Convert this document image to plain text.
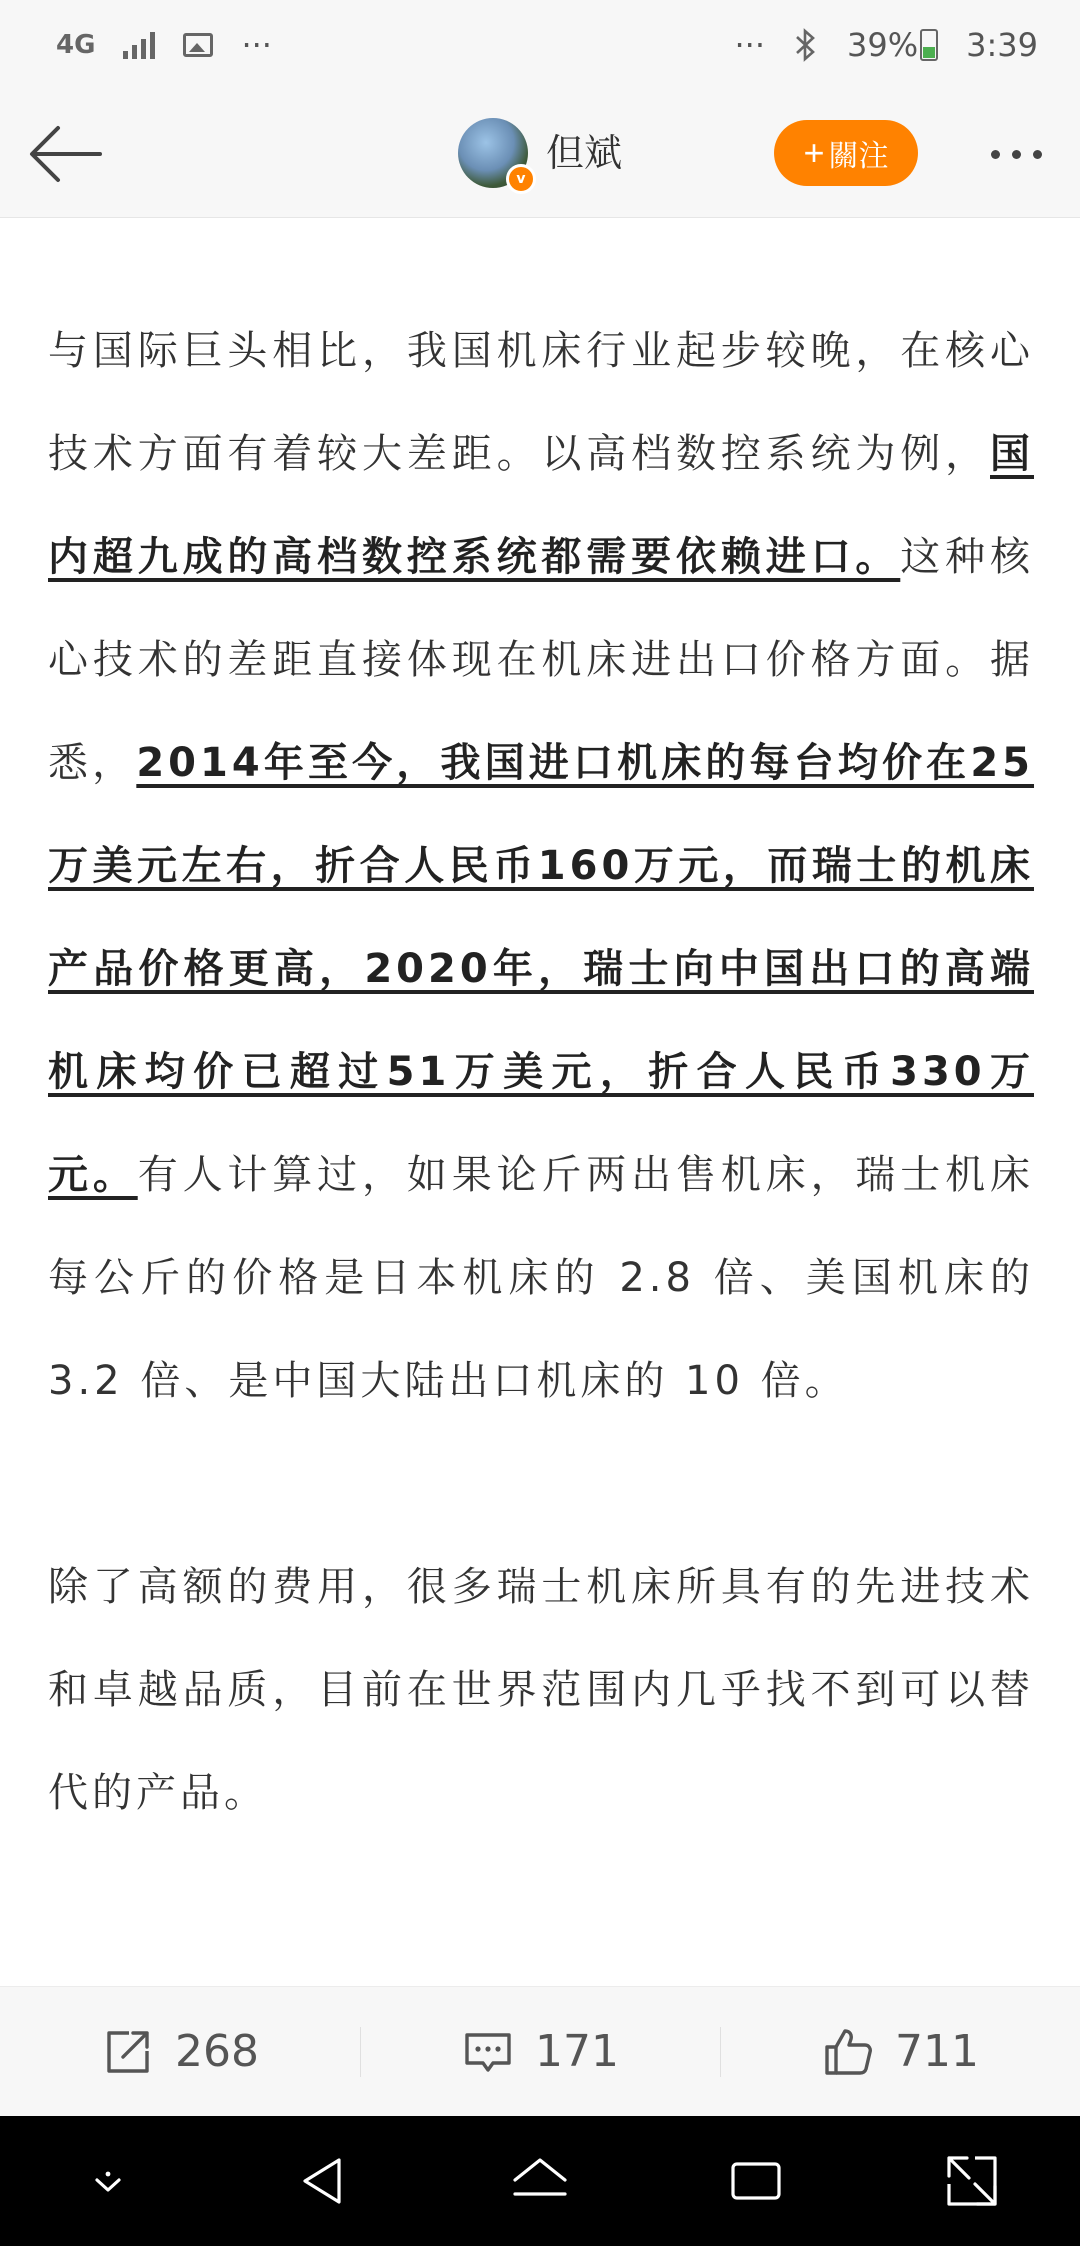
4G	···	···	39% 3:39
v
但斌	+ 關注

与国际巨头相比，我国机床行业起步较晚，在核心技术方面有着较大差距。以高档数控系统为例，国内超九成的高档数控系统都需要依赖进口。这种核心技术的差距直接体现在机床进出口价格方面。据悉，2014年至今，我国进口机床的每台均价在25万美元左右，折合人民币160万元，而瑞士的机床产品价格更高，2020年，瑞士向中国出口的高端机床均价已超过51万美元，折合人民币330万元。有人计算过，如果论斤两出售机床，瑞士机床每公斤的价格是日本机床的 2.8 倍、美国机床的 3.2 倍、是中国大陆出口机床的 10 倍。

除了高额的费用，很多瑞士机床所具有的先进技术和卓越品质，目前在世界范围内几乎找不到可以替代的产品。

268	171	711
